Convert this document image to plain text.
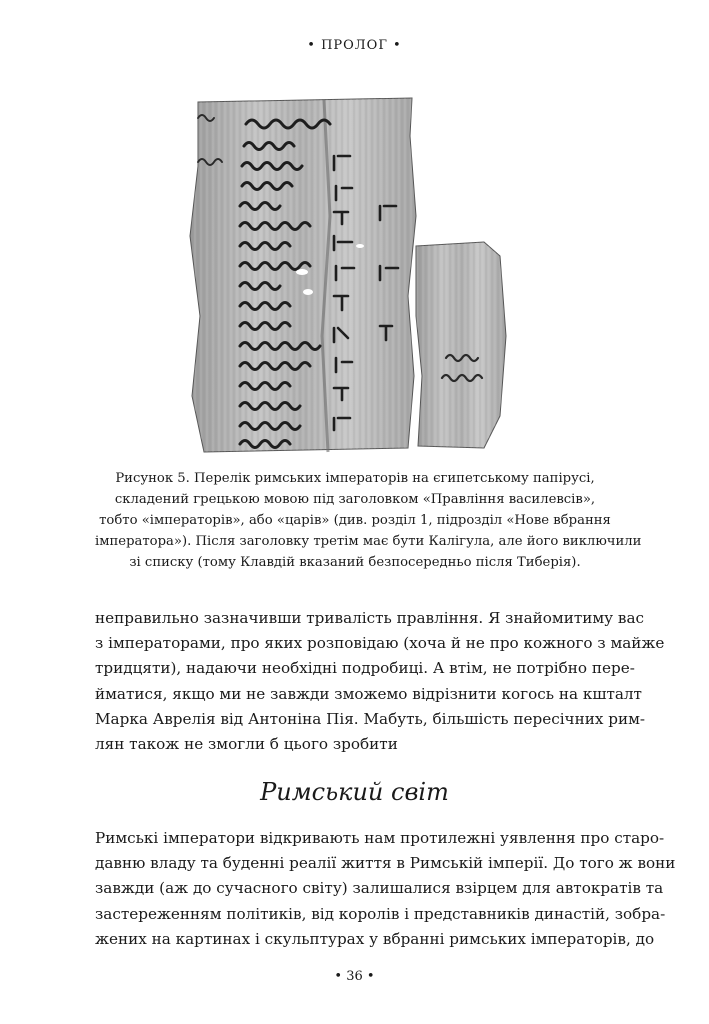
• ПРОЛОГ •
Рисунок 5. Перелік римських імператорів на єгипетському папірусі,
складений грецькою мовою під заголовком «Правління василевсів»,
тобто «імператорів», або «царів» (див. розділ 1, підрозділ «Нове вбрання
імператора»). Після заголовку третім має бути Калігула, але його виключили
зі списку (тому Клавдій вказаний безпосередньо після Тиберія).
неправильно зазначивши тривалість правління. Я знайомитиму вас
з імператорами, про яких розповідаю (хоча й не про кожного з майже
тридцяти), надаючи необхідні подробиці. А втім, не потрібно пере-
йматися, якщо ми не завжди зможемо відрізнити когось на кшталт
Марка Аврелія від Антоніна Пія. Мабуть, більшість пересічних рим-
лян також не змогли б цього зробити
Римський світ
Римські імператори відкривають нам протилежні уявлення про старо-
давню владу та буденні реалії життя в Римській імперії. До того ж вони
завжди (аж до сучасного світу) залишалися взірцем для автократів та
застереженням політиків, від королів і представників династій, зобра-
жених на картинах і скульптурах у вбранні римських імператорів, до
• 36 •
